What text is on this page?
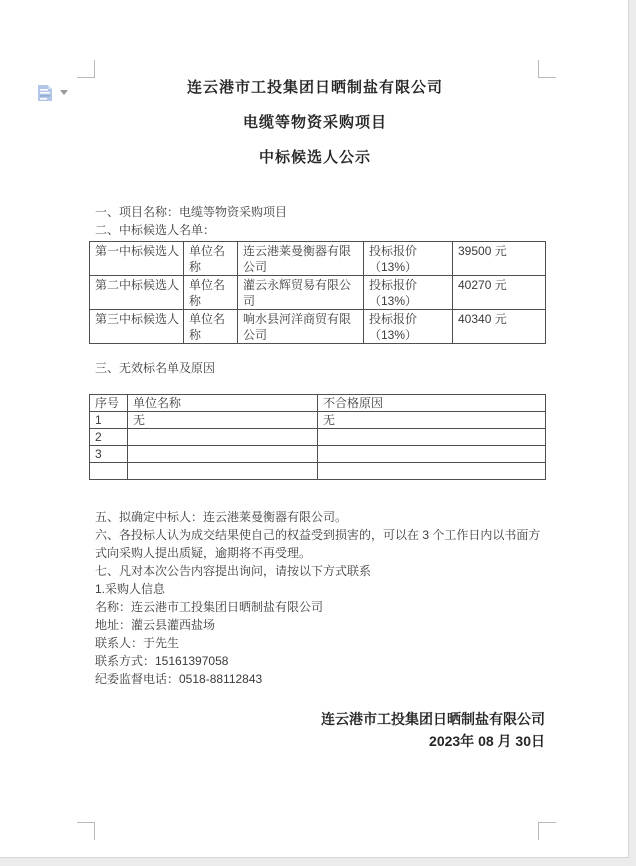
连云港市工投集团日晒制盐有限公司
电缆等物资采购项目
中标候选人公示
一、项目名称：电缆等物资采购项目
二、中标候选人名单：
第一中标候选人	单位名称	连云港莱曼衡器有限公司	投标报价（13%）	39500 元
第二中标候选人	单位名称	灌云永辉贸易有限公司	投标报价（13%）	40270 元
第三中标候选人	单位名称	响水县河洋商贸有限公司	投标报价（13%）	40340 元
三、无效标名单及原因
序号	单位名称	不合格原因
1	无	无
2		
3		

五、拟确定中标人：连云港莱曼衡器有限公司。
六、各投标人认为成交结果使自己的权益受到损害的，可以在 3 个工作日内以书面方式向采购人提出质疑，逾期将不再受理。
七、凡对本次公告内容提出询问，请按以下方式联系
1.采购人信息
名称：连云港市工投集团日晒制盐有限公司
地址：灌云县灌西盐场
联系人：于先生
联系方式：15161397058
纪委监督电话：0518-88112843
连云港市工投集团日晒制盐有限公司
2023年 08 月 30日
